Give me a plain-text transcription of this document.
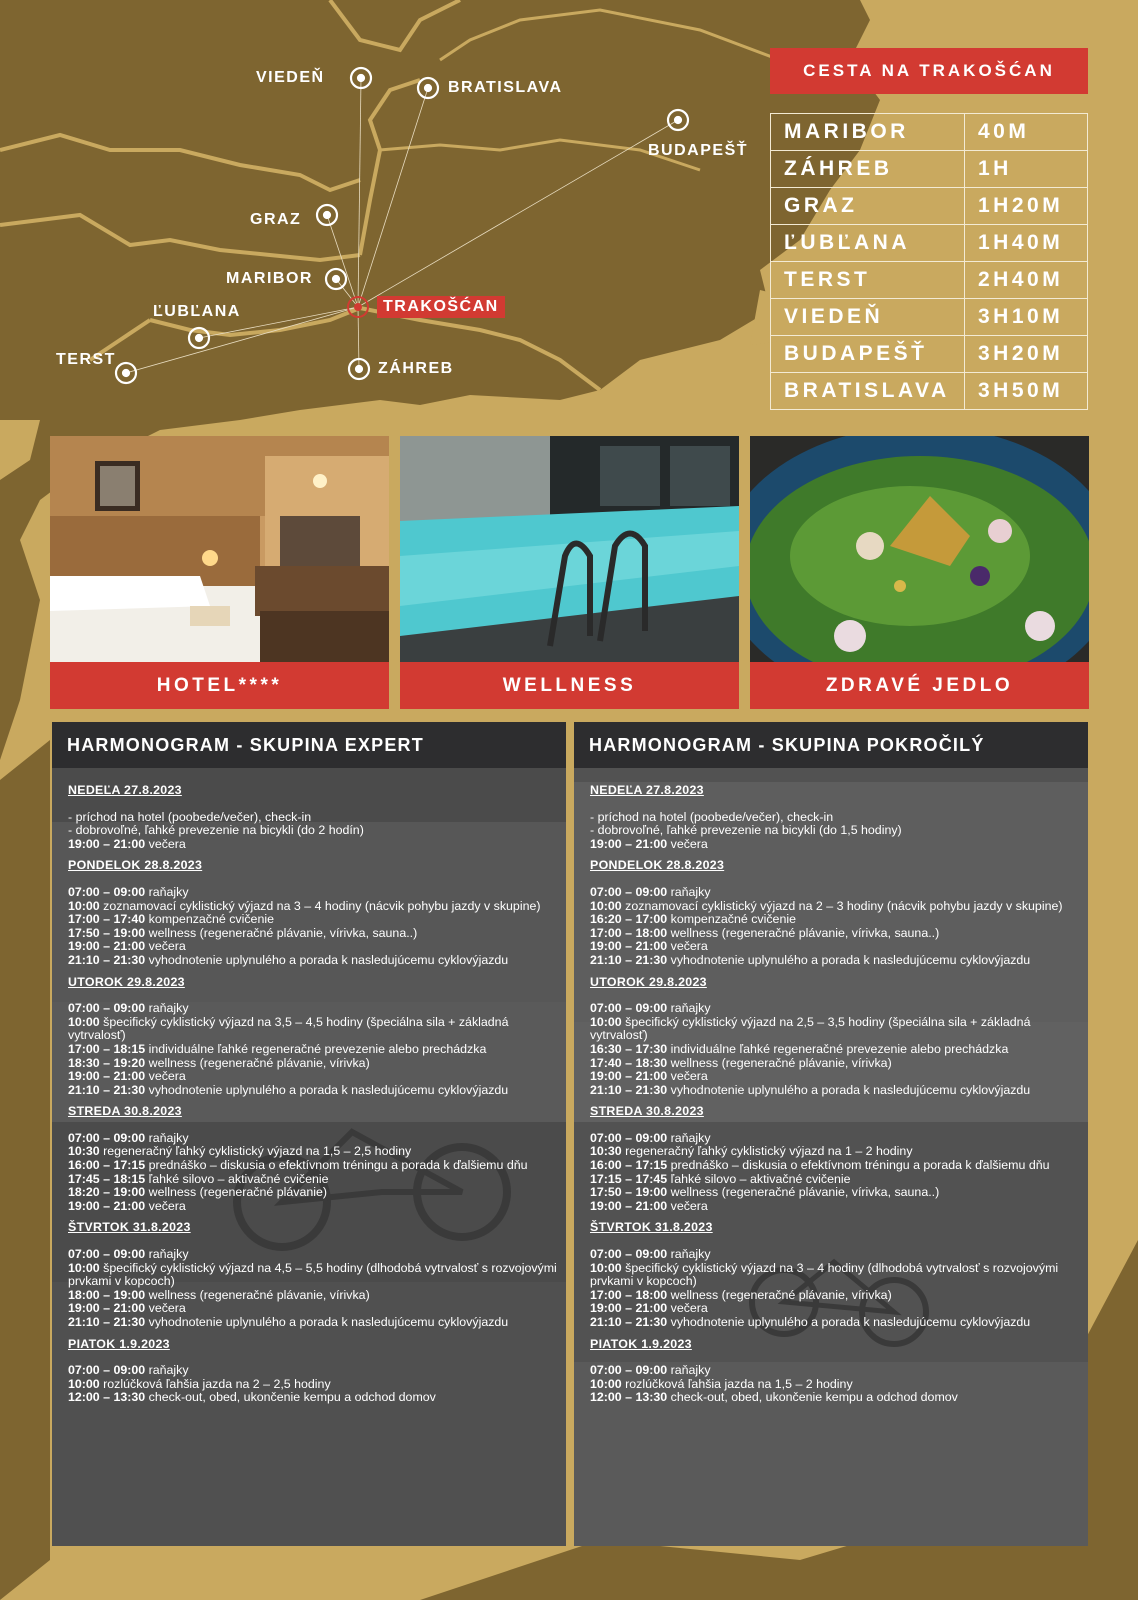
VIEDEŇ
BRATISLAVA
BUDAPEŠŤ
GRAZ
MARIBOR
ĽUBĽANA
TERST
ZÁHREB
TRAKOŠĆAN
CESTA NA TRAKOŠĆAN
MARIBOR	40M
ZÁHREB	1H
GRAZ	1H20M
ĽUBĽANA	1H40M
TERST	2H40M
VIEDEŇ	3H10M
BUDAPEŠŤ	3H20M
BRATISLAVA	3H50M
HOTEL****	WELLNESS	ZDRAVÉ JEDLO
HARMONOGRAM - SKUPINA EXPERT
NEDEĽA 27.8.2023
- príchod na hotel (poobede/večer), check-in
- dobrovoľné, ľahké prevezenie na bicykli (do 2 hodín)
19:00 – 21:00 večera
PONDELOK 28.8.2023
07:00 – 09:00 raňajky
10:00 zoznamovací cyklistický výjazd na 3 – 4 hodiny (nácvik pohybu jazdy v skupine)
17:00 – 17:40 kompenzačné cvičenie
17:50 – 19:00 wellness (regeneračné plávanie, vírivka, sauna..)
19:00 – 21:00 večera
21:10 – 21:30 vyhodnotenie uplynulého a porada k nasledujúcemu cyklovýjazdu
UTOROK 29.8.2023
07:00 – 09:00 raňajky
10:00 špecifický cyklistický výjazd na 3,5 – 4,5 hodiny (špeciálna sila + základná vytrvalosť)
17:00 – 18:15 individuálne ľahké regeneračné prevezenie alebo prechádzka
18:30 – 19:20 wellness (regeneračné plávanie, vírivka)
19:00 – 21:00 večera
21:10 – 21:30 vyhodnotenie uplynulého a porada k nasledujúcemu cyklovýjazdu
STREDA 30.8.2023
07:00 – 09:00 raňajky
10:30 regeneračný ľahký cyklistický výjazd na 1,5 – 2,5 hodiny
16:00 – 17:15 prednáško – diskusia o efektívnom tréningu a porada k ďalšiemu dňu
17:45 – 18:15 ľahké silovo – aktivačné cvičenie
18:20 – 19:00 wellness (regeneračné plávanie)
19:00 – 21:00 večera
ŠTVRTOK 31.8.2023
07:00 – 09:00 raňajky
10:00 špecifický cyklistický výjazd na 4,5 – 5,5 hodiny (dlhodobá vytrvalosť s rozvojovými prvkami v kopcoch)
18:00 – 19:00 wellness (regeneračné plávanie, vírivka)
19:00 – 21:00 večera
21:10 – 21:30 vyhodnotenie uplynulého a porada k nasledujúcemu cyklovýjazdu
PIATOK 1.9.2023
07:00 – 09:00 raňajky
10:00 rozlúčková ľahšia jazda na 2 – 2,5 hodiny
12:00 – 13:30 check-out, obed, ukončenie kempu a odchod domov
HARMONOGRAM - SKUPINA POKROČILÝ
NEDEĽA 27.8.2023
- príchod na hotel (poobede/večer), check-in
- dobrovoľné, ľahké prevezenie na bicykli (do 1,5 hodiny)
19:00 – 21:00 večera
PONDELOK 28.8.2023
07:00 – 09:00 raňajky
10:00 zoznamovací cyklistický výjazd na 2 – 3 hodiny (nácvik pohybu jazdy v skupine)
16:20 – 17:00 kompenzačné cvičenie
17:00 – 18:00 wellness (regeneračné plávanie, vírivka, sauna..)
19:00 – 21:00 večera
21:10 – 21:30 vyhodnotenie uplynulého a porada k nasledujúcemu cyklovýjazdu
UTOROK 29.8.2023
07:00 – 09:00 raňajky
10:00 špecifický cyklistický výjazd na 2,5 – 3,5 hodiny (špeciálna sila + základná vytrvalosť)
16:30 – 17:30 individuálne ľahké regeneračné prevezenie alebo prechádzka
17:40 – 18:30 wellness (regeneračné plávanie, vírivka)
19:00 – 21:00 večera
21:10 – 21:30 vyhodnotenie uplynulého a porada k nasledujúcemu cyklovýjazdu
STREDA 30.8.2023
07:00 – 09:00 raňajky
10:30 regeneračný ľahký cyklistický výjazd na 1 – 2 hodiny
16:00 – 17:15 prednáško – diskusia o efektívnom tréningu a porada k ďalšiemu dňu
17:15 – 17:45 ľahké silovo – aktivačné cvičenie
17:50 – 19:00 wellness (regeneračné plávanie, vírivka, sauna..)
19:00 – 21:00 večera
ŠTVRTOK 31.8.2023
07:00 – 09:00 raňajky
10:00 špecifický cyklistický výjazd na 3 – 4 hodiny (dlhodobá vytrvalosť s rozvojovými prvkami v kopcoch)
17:00 – 18:00 wellness (regeneračné plávanie, vírivka)
19:00 – 21:00 večera
21:10 – 21:30 vyhodnotenie uplynulého a porada k nasledujúcemu cyklovýjazdu
PIATOK 1.9.2023
07:00 – 09:00 raňajky
10:00 rozlúčková ľahšia jazda na 1,5 – 2 hodiny
12:00 – 13:30 check-out, obed, ukončenie kempu a odchod domov
